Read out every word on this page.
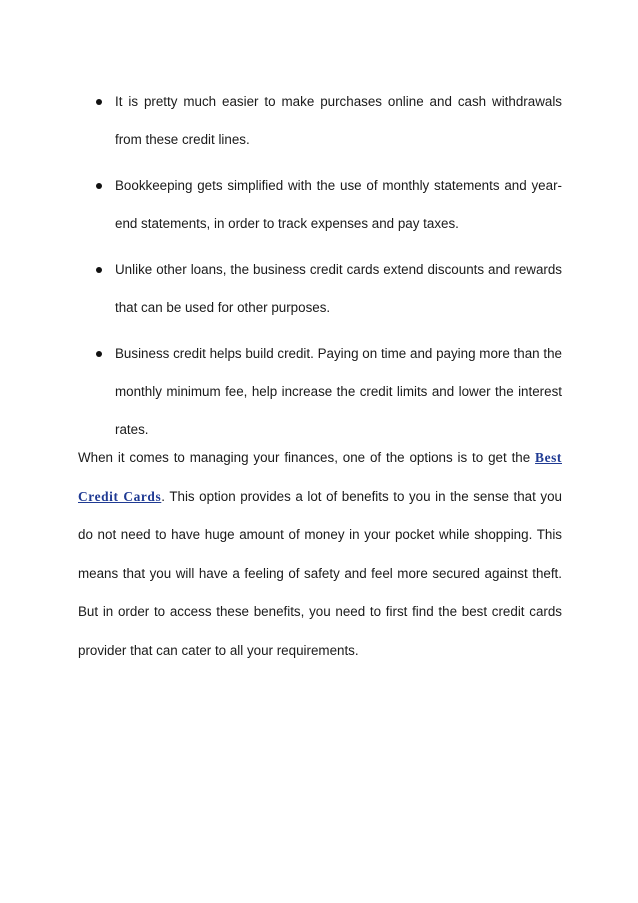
It is pretty much easier to make purchases online and cash withdrawals from these credit lines.
Bookkeeping gets simplified with the use of monthly statements and year-end statements, in order to track expenses and pay taxes.
Unlike other loans, the business credit cards extend discounts and rewards that can be used for other purposes.
Business credit helps build credit. Paying on time and paying more than the monthly minimum fee, help increase the credit limits and lower the interest rates.

When it comes to managing your finances, one of the options is to get the Best Credit Cards. This option provides a lot of benefits to you in the sense that you do not need to have huge amount of money in your pocket while shopping. This means that you will have a feeling of safety and feel more secured against theft. But in order to access these benefits, you need to first find the best credit cards provider that can cater to all your requirements.
